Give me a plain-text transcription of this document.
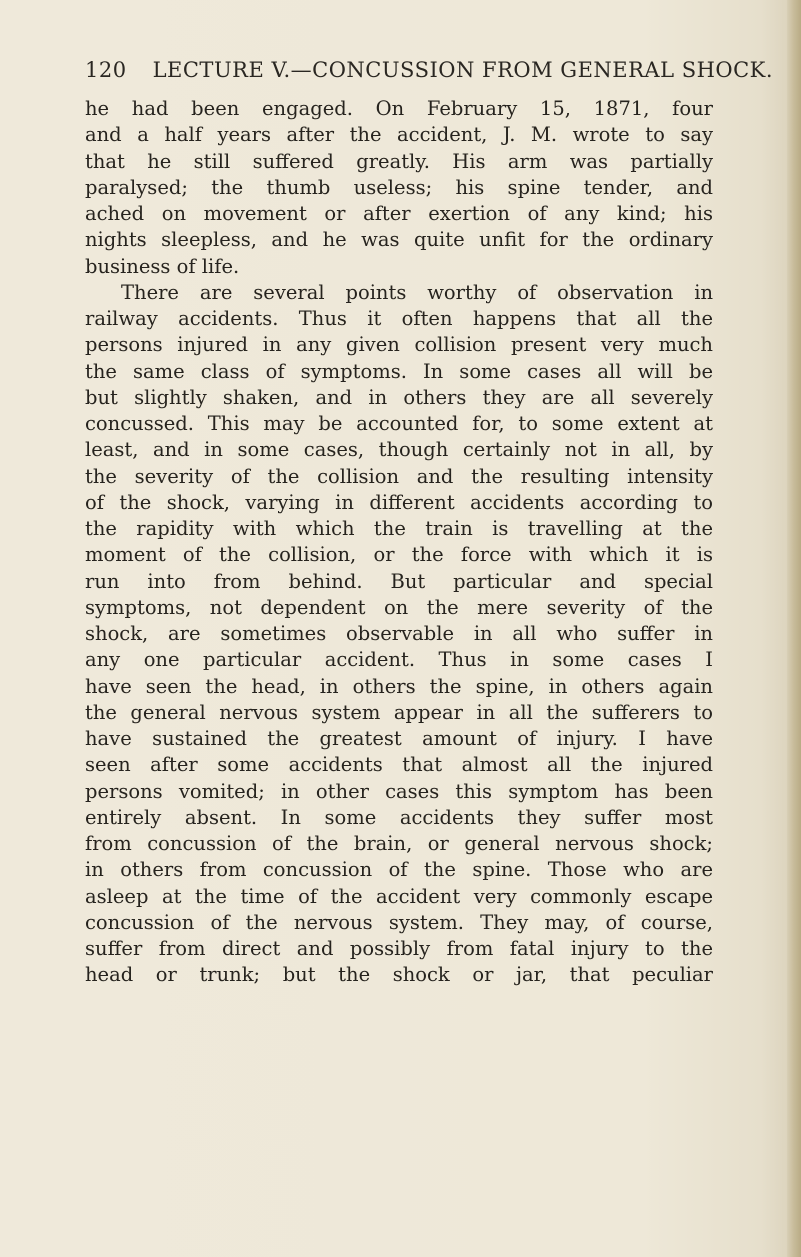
120 LECTURE V.—CONCUSSION FROM GENERAL SHOCK.
he had been engaged. On February 15, 1871, four
and a half years after the accident, J. M. wrote to say
that he still suffered greatly. His arm was partially
paralysed; the thumb useless; his spine tender, and
ached on movement or after exertion of any kind; his
nights sleepless, and he was quite unfit for the ordinary
business of life.
There are several points worthy of observation in
railway accidents. Thus it often happens that all the
persons injured in any given collision present very much
the same class of symptoms. In some cases all will be
but slightly shaken, and in others they are all severely
concussed. This may be accounted for, to some extent at
least, and in some cases, though certainly not in all, by
the severity of the collision and the resulting intensity
of the shock, varying in different accidents according to
the rapidity with which the train is travelling at the
moment of the collision, or the force with which it is
run into from behind. But particular and special
symptoms, not dependent on the mere severity of the
shock, are sometimes observable in all who suffer in
any one particular accident. Thus in some cases I
have seen the head, in others the spine, in others again
the general nervous system appear in all the sufferers to
have sustained the greatest amount of injury. I have
seen after some accidents that almost all the injured
persons vomited; in other cases this symptom has been
entirely absent. In some accidents they suffer most
from concussion of the brain, or general nervous shock;
in others from concussion of the spine. Those who are
asleep at the time of the accident very commonly escape
concussion of the nervous system. They may, of course,
suffer from direct and possibly from fatal injury to the
head or trunk; but the shock or jar, that peculiar
